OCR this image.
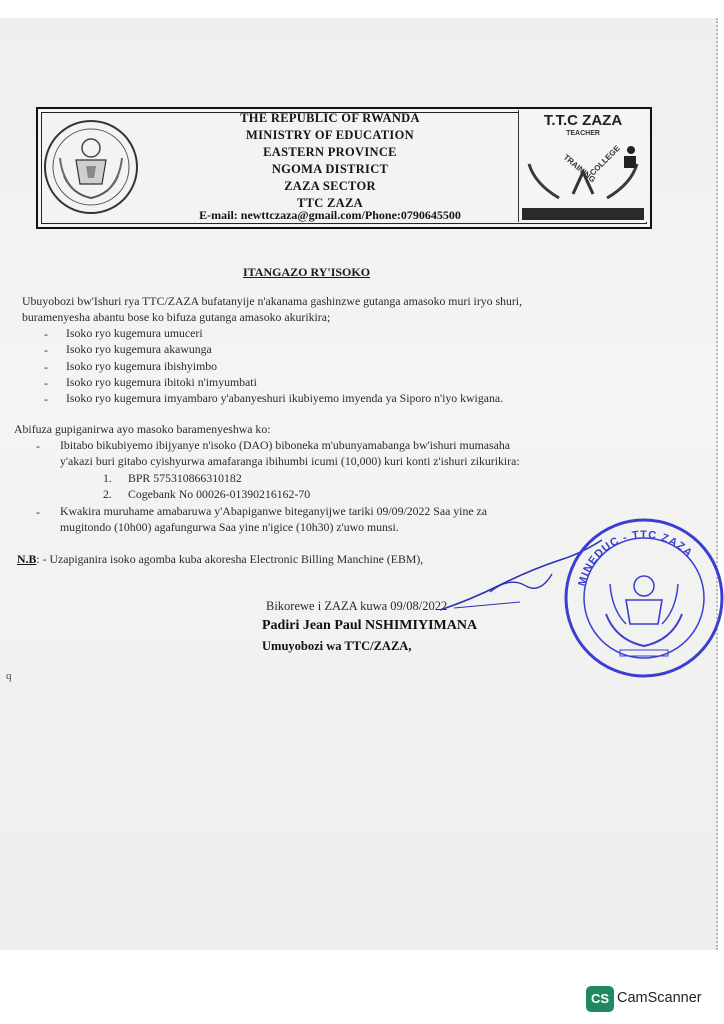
THE REPUBLIC OF RWANDA
MINISTRY OF EDUCATION
EASTERN PROVINCE
NGOMA DISTRICT
ZAZA SECTOR
TTC ZAZA
E-mail: newttczaza@gmail.com/Phone:0790645500
T.T.C ZAZA
TEACHER
TRAINING
COLLEGE
ITANGAZO RY'ISOKO
Ubuyobozi bw'Ishuri rya TTC/ZAZA bufatanyije n'akanama gashinzwe gutanga amasoko muri iryo shuri,
buramenyesha abantu bose ko bifuza gutanga amasoko akurikira;
- Isoko ryo kugemura umuceri
- Isoko ryo kugemura akawunga
- Isoko ryo kugemura ibishyimbo
- Isoko ryo kugemura ibitoki n'imyumbati
- Isoko ryo kugemura imyambaro y'abanyeshuri ikubiyemo imyenda ya Siporo n'iyo kwigana.
Abifuza gupiganirwa ayo masoko baramenyeshwa ko:
- Ibitabo bikubiyemo ibijyanye n'isoko (DAO) biboneka m'ubunyamabanga bw'ishuri mumasaha
y'akazi buri gitabo cyishyurwa amafaranga ibihumbi icumi (10,000) kuri konti z'ishuri zikurikira:
1. BPR 575310866310182
2. Cogebank No 00026-01390216162-70
- Kwakira muruhame amabaruwa y'Abapiganwe biteganyijwe tariki 09/09/2022 Saa yine za
mugitondo (10h00) agafungurwa Saa yine n'igice (10h30) z'uwo munsi.
N.B: - Uzapiganira isoko agomba kuba akoresha Electronic Billing Manchine (EBM),
Bikorewe i ZAZA kuwa 09/08/2022
Padiri Jean Paul NSHIMIYIMANA
Umuyobozi wa TTC/ZAZA,
MINEDUC - TTC ZAZA
q
CS CamScanner
